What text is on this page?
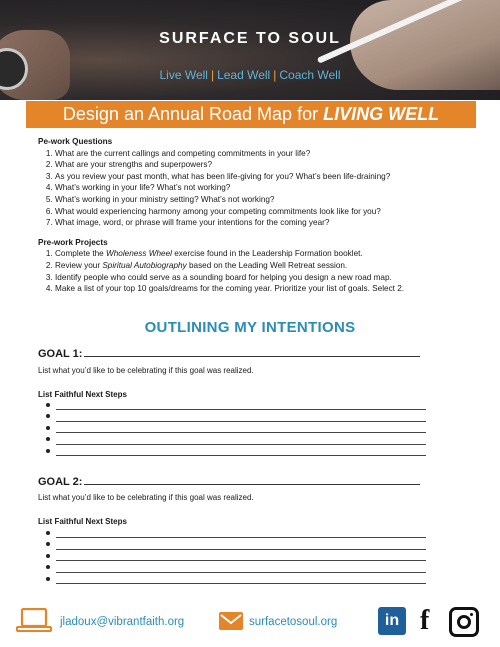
SURFACE TO SOUL
Live Well | Lead Well | Coach Well
Design an Annual Road Map for LIVING WELL

Pe-work Questions

1. What are the current callings and competing commitments in your life?
2. What are your strengths and superpowers?
3. As you review your past month, what has been life-giving for you? What’s been life-draining?
4. What’s working in your life? What’s not working?
5. What’s working in your ministry setting? What’s not working?
6. What would experiencing harmony among your competing commitments look like for you?
7. What image, word, or phrase will frame your intentions for the coming year?

Pre-work Projects

1. Complete the Wholeness Wheel exercise found in the Leadership Formation booklet.
2. Review your Spiritual Autobiography based on the Leading Well Retreat session.
3. Identify people who could serve as a sounding board for helping you design a new road map.
4. Make a list of your top 10 goals/dreams for the coming year. Prioritize your list of goals. Select 2.
OUTLINING MY INTENTIONS
GOAL 1:
List what you’d like to be celebrating if this goal was realized.
List Faithful Next Steps
GOAL 2:
List what you’d like to be celebrating if this goal was realized.
List Faithful Next Steps
jladoux@vibrantfaith.org	surfacetosoul.org	in f
